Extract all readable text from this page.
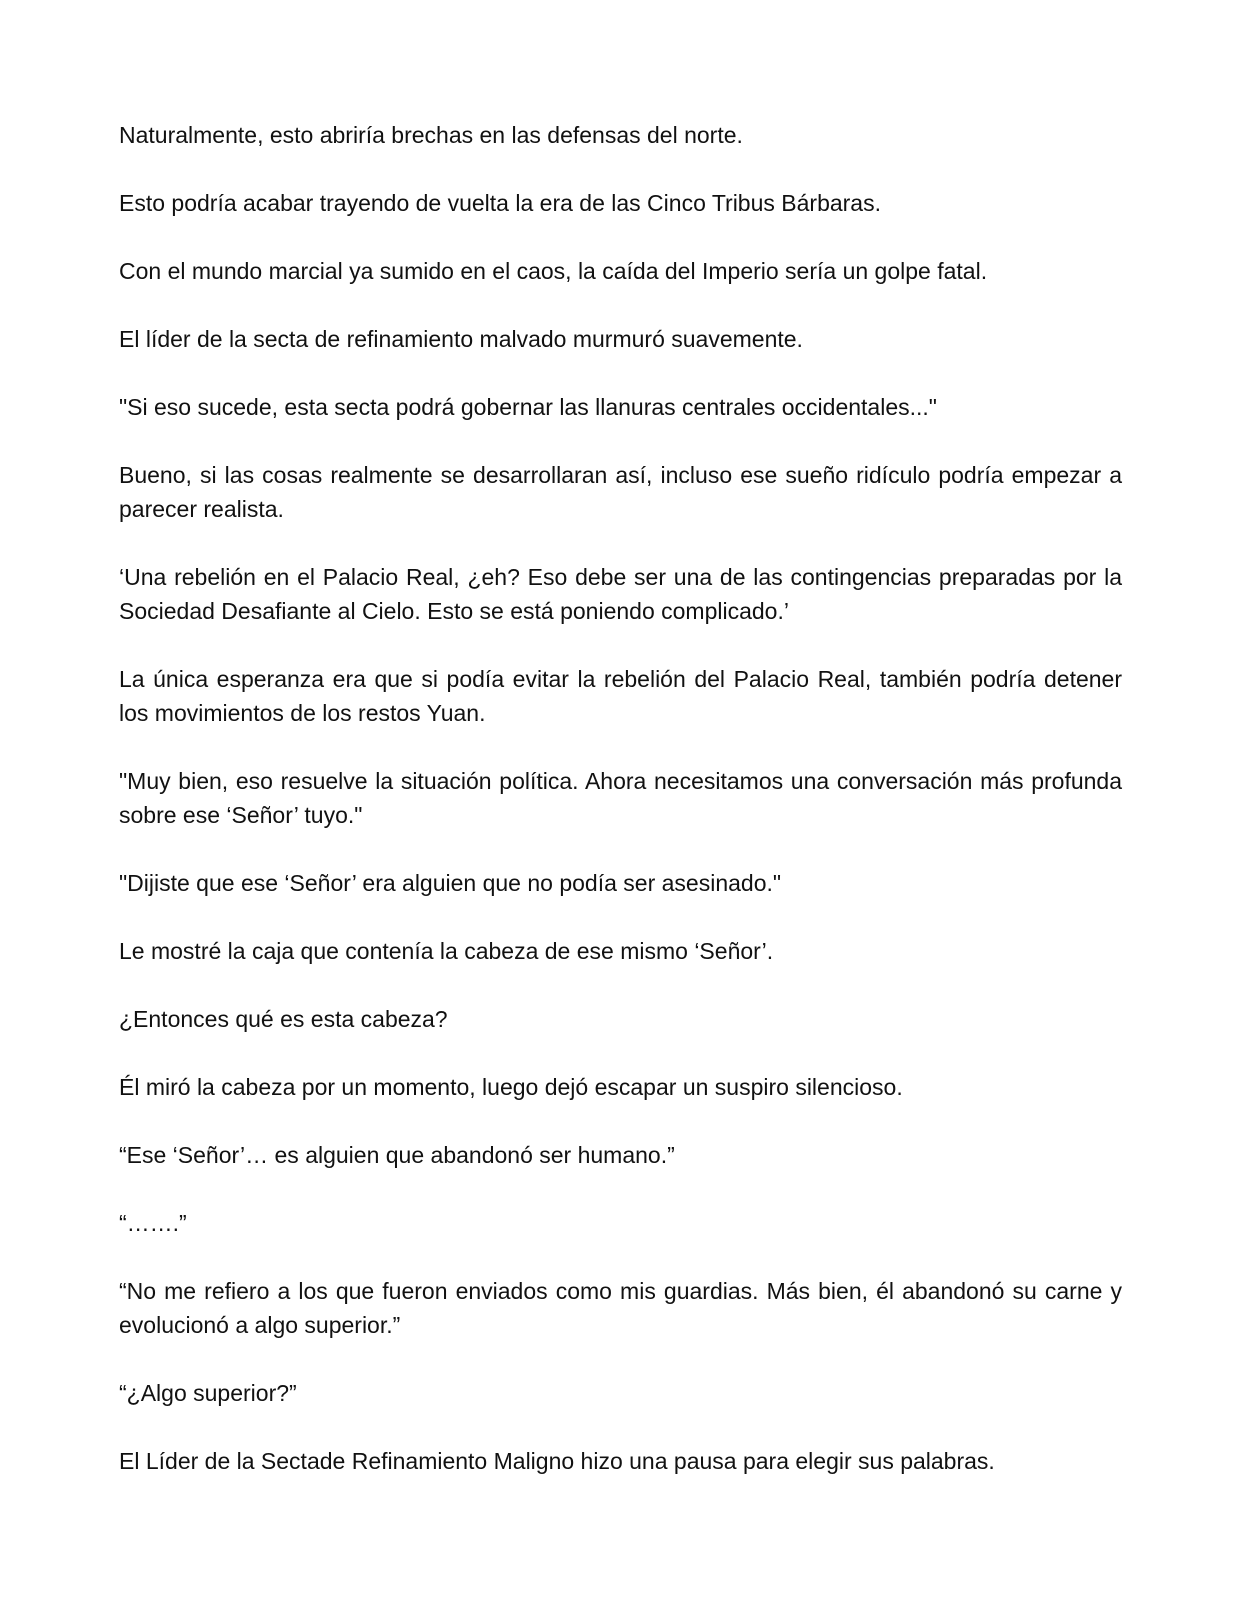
Naturalmente, esto abriría brechas en las defensas del norte.

Esto podría acabar trayendo de vuelta la era de las Cinco Tribus Bárbaras.

Con el mundo marcial ya sumido en el caos, la caída del Imperio sería un golpe fatal.

El líder de la secta de refinamiento malvado murmuró suavemente.

"Si eso sucede, esta secta podrá gobernar las llanuras centrales occidentales..."

Bueno, si las cosas realmente se desarrollaran así, incluso ese sueño ridículo podría empezar a parecer realista.

‘Una rebelión en el Palacio Real, ¿eh? Eso debe ser una de las contingencias preparadas por la Sociedad Desafiante al Cielo. Esto se está poniendo complicado.’

La única esperanza era que si podía evitar la rebelión del Palacio Real, también podría detener los movimientos de los restos Yuan.

"Muy bien, eso resuelve la situación política. Ahora necesitamos una conversación más profunda sobre ese ‘Señor’ tuyo."

"Dijiste que ese ‘Señor’ era alguien que no podía ser asesinado."

Le mostré la caja que contenía la cabeza de ese mismo ‘Señor’.

¿Entonces qué es esta cabeza?

Él miró la cabeza por un momento, luego dejó escapar un suspiro silencioso.

“Ese ‘Señor’… es alguien que abandonó ser humano.”

“…….”

“No me refiero a los que fueron enviados como mis guardias. Más bien, él abandonó su carne y evolucionó a algo superior.”

“¿Algo superior?”

El Líder de la Sectade Refinamiento Maligno hizo una pausa para elegir sus palabras.
